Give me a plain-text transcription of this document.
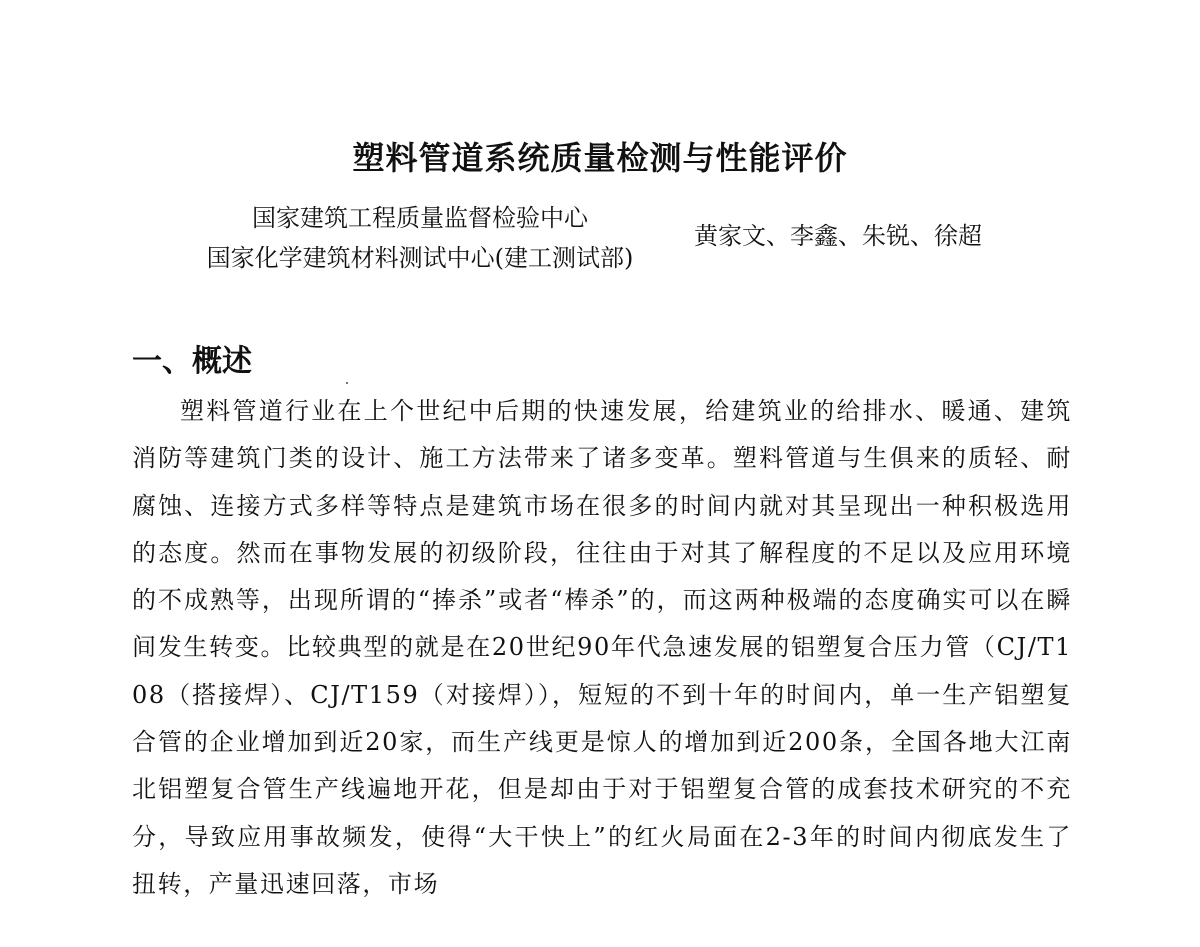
塑料管道系统质量检测与性能评价
国家建筑工程质量监督检验中心
国家化学建筑材料测试中心(建工测试部)
黄家文、李鑫、朱锐、徐超
一、概述

塑料管道行业在上个世纪中后期的快速发展，给建筑业的给排水、暖通、建筑消防等建筑门类的设计、施工方法带来了诸多变革。塑料管道与生俱来的质轻、耐腐蚀、连接方式多样等特点是建筑市场在很多的时间内就对其呈现出一种积极选用的态度。然而在事物发展的初级阶段，往往由于对其了解程度的不足以及应用环境的不成熟等，出现所谓的“捧杀”或者“棒杀”的，而这两种极端的态度确实可以在瞬间发生转变。比较典型的就是在20世纪90年代急速发展的铝塑复合压力管（CJ/T108（搭接焊）、CJ/T159（对接焊）），短短的不到十年的时间内，单一生产铝塑复合管的企业增加到近20家，而生产线更是惊人的增加到近200条，全国各地大江南北铝塑复合管生产线遍地开花，但是却由于对于铝塑复合管的成套技术研究的不充分，导致应用事故频发，使得“大干快上”的红火局面在2-3年的时间内彻底发生了扭转，产量迅速回落，市场
